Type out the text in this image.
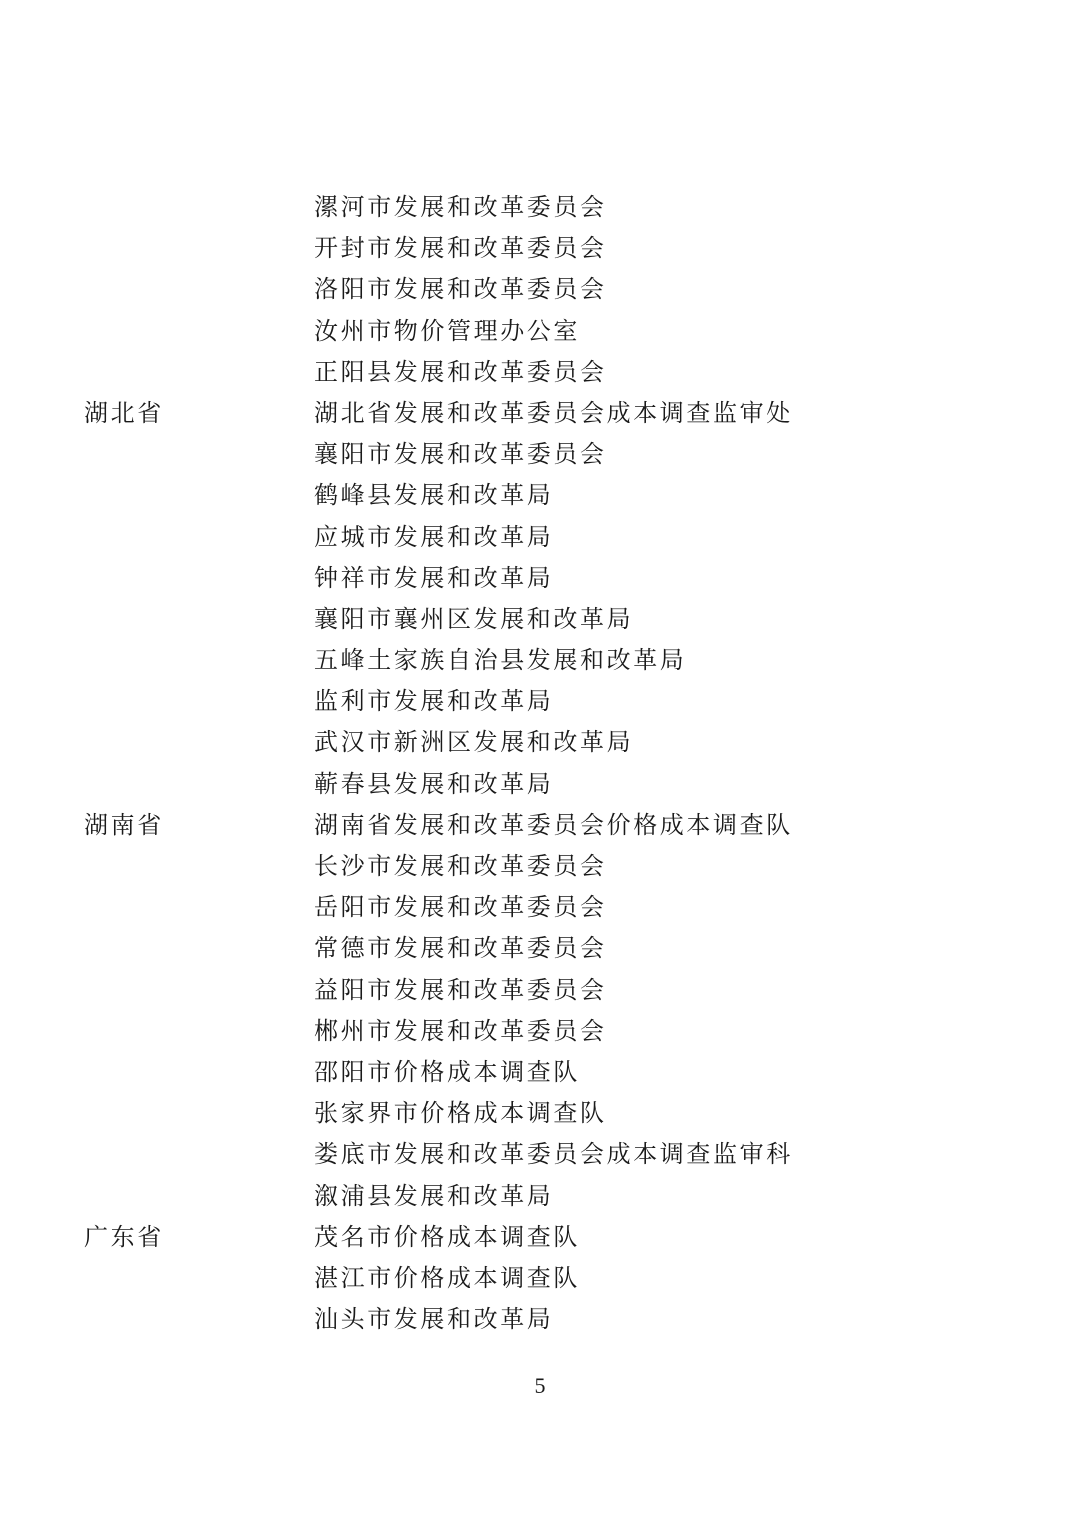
漯河市发展和改革委员会
开封市发展和改革委员会
洛阳市发展和改革委员会
汝州市物价管理办公室
正阳县发展和改革委员会
湖北省	湖北省发展和改革委员会成本调查监审处
襄阳市发展和改革委员会
鹤峰县发展和改革局
应城市发展和改革局
钟祥市发展和改革局
襄阳市襄州区发展和改革局
五峰土家族自治县发展和改革局
监利市发展和改革局
武汉市新洲区发展和改革局
蕲春县发展和改革局
湖南省	湖南省发展和改革委员会价格成本调查队
长沙市发展和改革委员会
岳阳市发展和改革委员会
常德市发展和改革委员会
益阳市发展和改革委员会
郴州市发展和改革委员会
邵阳市价格成本调查队
张家界市价格成本调查队
娄底市发展和改革委员会成本调查监审科
溆浦县发展和改革局
广东省	茂名市价格成本调查队
湛江市价格成本调查队
汕头市发展和改革局
5
